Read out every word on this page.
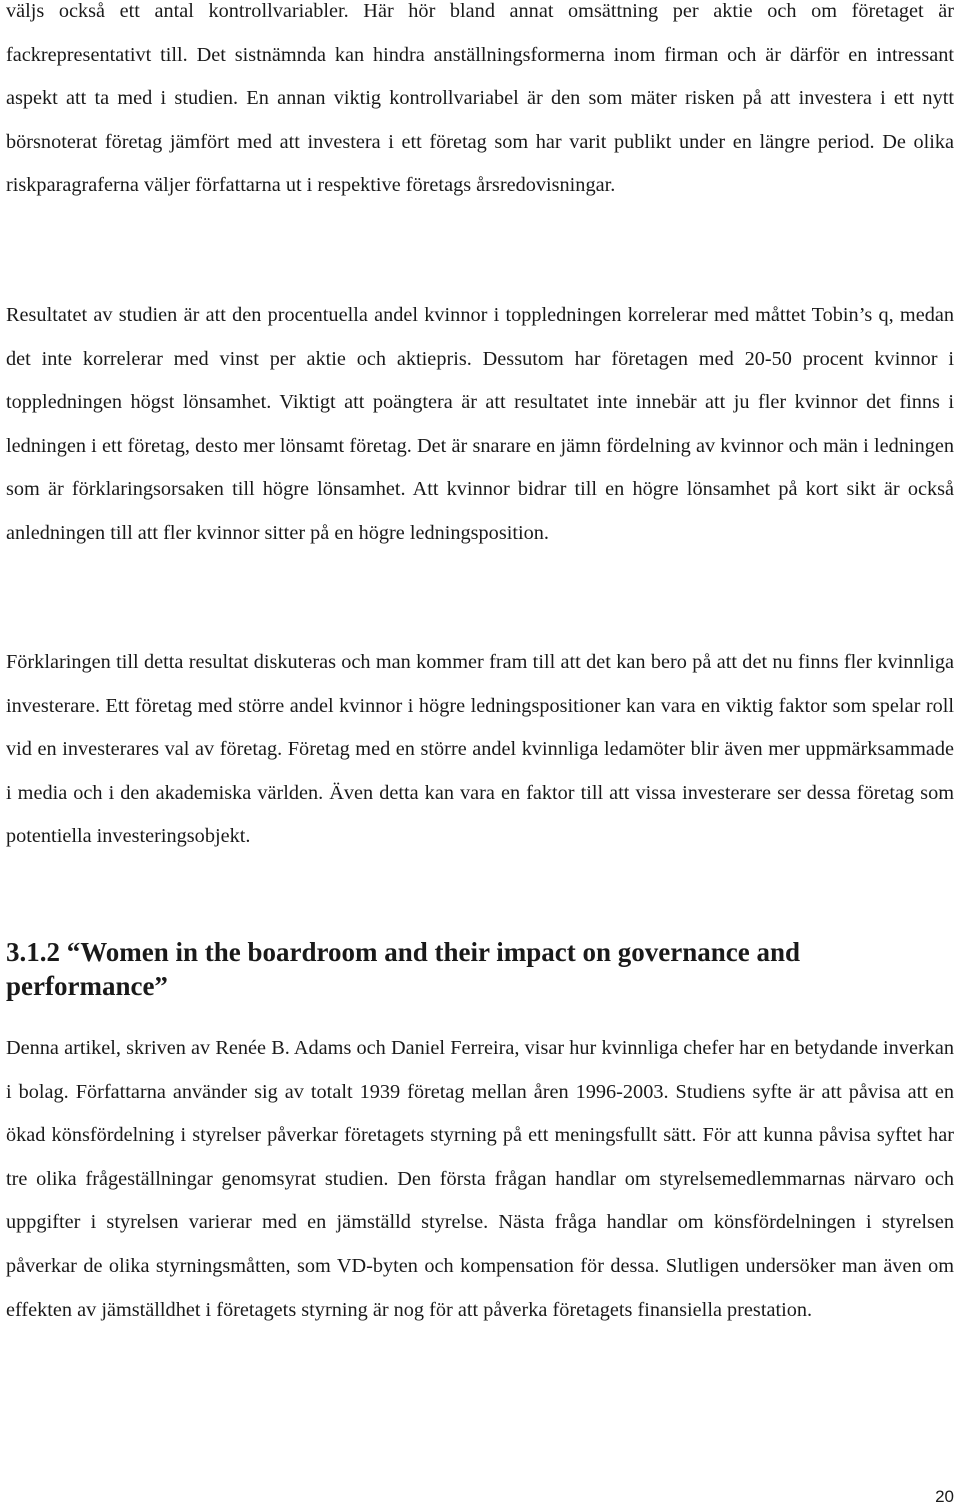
väljs också ett antal kontrollvariabler. Här hör bland annat omsättning per aktie och om företaget är fackrepresentativt till. Det sistnämnda kan hindra anställningsformerna inom firman och är därför en intressant aspekt att ta med i studien. En annan viktig kontrollvariabel är den som mäter risken på att investera i ett nytt börsnoterat företag jämfört med att investera i ett företag som har varit publikt under en längre period. De olika riskparagraferna väljer författarna ut i respektive företags årsredovisningar.

Resultatet av studien är att den procentuella andel kvinnor i toppledningen korrelerar med måttet Tobin’s q, medan det inte korrelerar med vinst per aktie och aktiepris. Dessutom har företagen med 20-50 procent kvinnor i toppledningen högst lönsamhet. Viktigt att poängtera är att resultatet inte innebär att ju fler kvinnor det finns i ledningen i ett företag, desto mer lönsamt företag. Det är snarare en jämn fördelning av kvinnor och män i ledningen som är förklaringsorsaken till högre lönsamhet. Att kvinnor bidrar till en högre lönsamhet på kort sikt är också anledningen till att fler kvinnor sitter på en högre ledningsposition.

Förklaringen till detta resultat diskuteras och man kommer fram till att det kan bero på att det nu finns fler kvinnliga investerare. Ett företag med större andel kvinnor i högre ledningspositioner kan vara en viktig faktor som spelar roll vid en investerares val av företag. Företag med en större andel kvinnliga ledamöter blir även mer uppmärksammade i media och i den akademiska världen. Även detta kan vara en faktor till att vissa investerare ser dessa företag som potentiella investeringsobjekt.

3.1.2 “Women in the boardroom and their impact on governance and performance”

Denna artikel, skriven av Renée B. Adams och Daniel Ferreira, visar hur kvinnliga chefer har en betydande inverkan i bolag. Författarna använder sig av totalt 1939 företag mellan åren 1996-2003. Studiens syfte är att påvisa att en ökad könsfördelning i styrelser påverkar företagets styrning på ett meningsfullt sätt. För att kunna påvisa syftet har tre olika frågeställningar genomsyrat studien. Den första frågan handlar om styrelsemedlemmarnas närvaro och uppgifter i styrelsen varierar med en jämställd styrelse. Nästa fråga handlar om könsfördelningen i styrelsen påverkar de olika styrningsmåtten, som VD-byten och kompensation för dessa. Slutligen undersöker man även om effekten av jämställdhet i företagets styrning är nog för att påverka företagets finansiella prestation.

20
